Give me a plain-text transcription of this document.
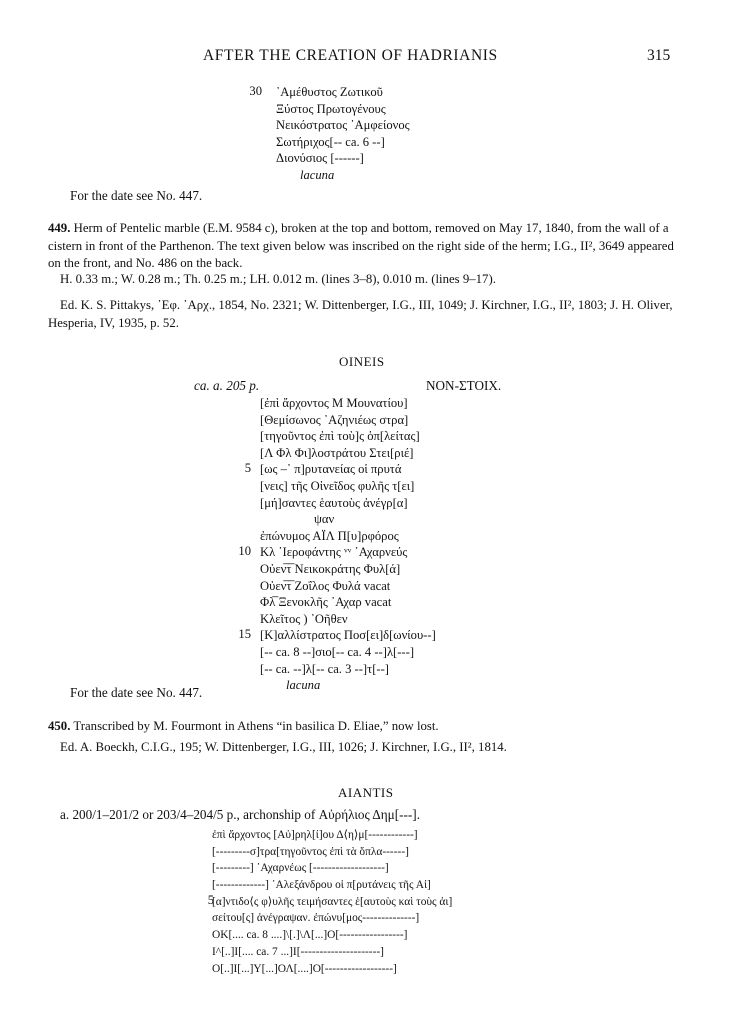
AFTER THE CREATION OF HADRIANIS	315
30 ᾿Αμέθυστος Ζωτικοῦ
Ξύστος Πρωτογένους
Νεικόστρατος ᾿Αμφείονος
Σωτήριχος[-- ca. 6 --]
Διονύσιος [------]
lacuna
For the date see No. 447.
449. Herm of Pentelic marble (E.M. 9584 c), broken at the top and bottom, removed on May 17, 1840, from the wall of a cistern in front of the Parthenon. The text given below was inscribed on the right side of the herm; I.G., II², 3649 appeared on the front, and No. 486 on the back.
H. 0.33 m.; W. 0.28 m.; Th. 0.25 m.; LH. 0.012 m. (lines 3–8), 0.010 m. (lines 9–17).
Ed. K. S. Pittakys, ᾿Εφ. ᾿Αρχ., 1854, No. 2321; W. Dittenberger, I.G., III, 1049; J. Kirchner, I.G., II², 1803; J. H. Oliver, Hesperia, IV, 1935, p. 52.
OINEIS
ca. a. 205 p.	NON-ΣΤΟΙΧ.
5
10
15
[ἐπὶ ἄρχοντος Μ Μουνατίου]
[Θεμίσωνος ᾿Αζηνιέως στρα]
[τηγοῦντος ἐπὶ τοὺ]ς ὁπ[λείτας]
[Λ Φλ Φι]λοστράτου Στει[ριέ]
[ως –᾿ π]ρυτανείας οἱ πρυτά
[νεις] τῆς Οἰνεῖδος φυλῆς τ[ει]
[μή]σαντες ἑαυτοὺς ἀνέγρ[α]
ψαν
ἐπώνυμος ΑΪΛ Π[υ]ρφόρος
Κλ ῾Ιεροφάντης ᵛᵛ ᾿Αχαρνεύς
Οὐεν̅τ̅ Νεικοκράτης Φυλ[ά]
Οὐεν̅τ̅ Ζοΐλος Φυλά vacat
Φλ̅ Ξενοκλῆς ᾿Αχαρ vacat
Κλεῖτος ) ᾿Οῆθεν
[Κ]αλλίστρατος Ποσ[ει]δ[ωνίου--]
[-- ca. 8 --]σιο[-- ca. 4 --]λ[---]
[-- ca. --]λ[-- ca. 3 --]τ[--]
lacuna
For the date see No. 447.
450. Transcribed by M. Fourmont in Athens “in basilica D. Eliae,” now lost.
Ed. A. Boeckh, C.I.G., 195; W. Dittenberger, I.G., III, 1026; J. Kirchner, I.G., II², 1814.
AIANTIS
a. 200/1–201/2 or 203/4–204/5 p., archonship of Αὐρήλιος Δημ[---].
5
ἐπὶ ἄρχοντος [Αὐ]ρηλ[ί]ου Δ⟨η⟩μ[------------]
[---------σ]τρα[τηγοῦντος ἐπὶ τὰ ὅπλα------]
[---------] ᾿Αχαρνέως [-------------------]
[-------------] ᾿Αλεξάνδρου οἱ π[ρυτάνεις τῆς Αἰ]
[α]ντιδο⟨ς φ⟩υλῆς τειμήσαντες ἑ[αυτοὺς καὶ τοὺς ἀι]
σείτου[ς] ἀνέγραψαν. ἐπώνυ[μος--------------]
ΟΚ[.... ca. 8 ....]\[.]\Λ[...]Ο[-----------------]
Ι^[..]Ι[.... ca. 7 ...]Ι[---------------------]
Ο[..]Ι[...]Υ[...]ΟΛ[....]Ο[------------------]
